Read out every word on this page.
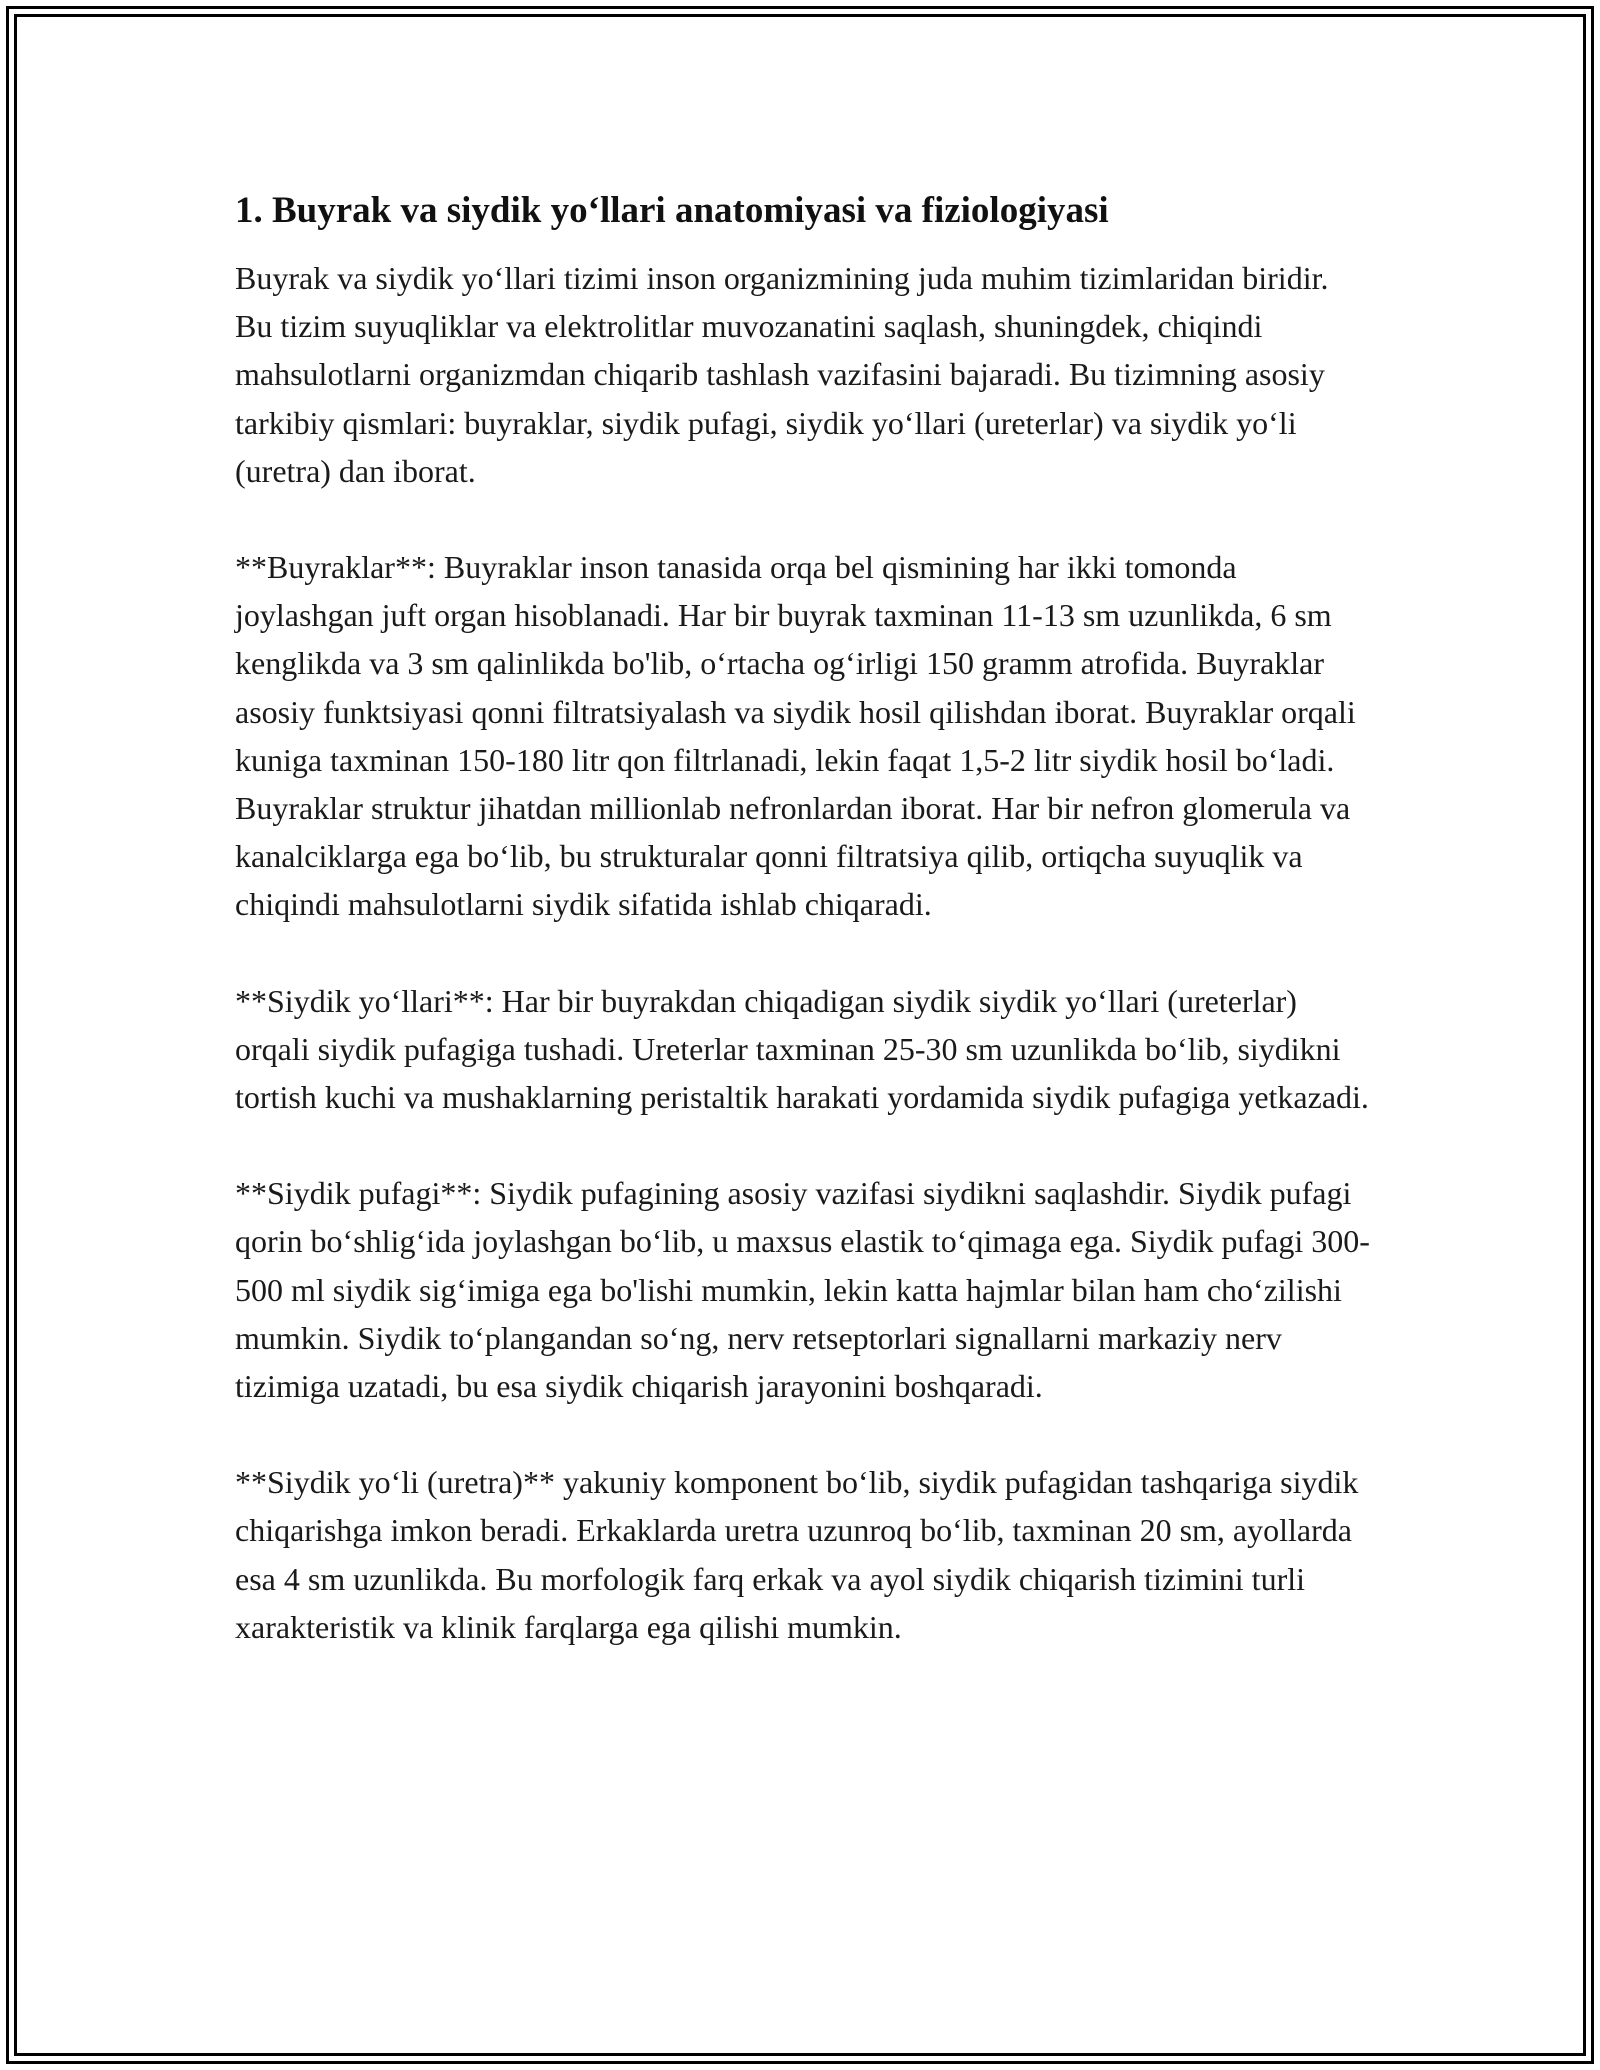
1. Buyrak va siydik yo‘llari anatomiyasi va fiziologiyasi

Buyrak va siydik yo‘llari tizimi inson organizmining juda muhim tizimlaridan biridir. Bu tizim suyuqliklar va elektrolitlar muvozanatini saqlash, shuningdek, chiqindi mahsulotlarni organizmdan chiqarib tashlash vazifasini bajaradi. Bu tizimning asosiy tarkibiy qismlari: buyraklar, siydik pufagi, siydik yo‘llari (ureterlar) va siydik yo‘li (uretra) dan iborat.

**Buyraklar**: Buyraklar inson tanasida orqa bel qismining har ikki tomonda joylashgan juft organ hisoblanadi. Har bir buyrak taxminan 11-13 sm uzunlikda, 6 sm kenglikda va 3 sm qalinlikda bo'lib, o‘rtacha og‘irligi 150 gramm atrofida. Buyraklar asosiy funktsiyasi qonni filtratsiyalash va siydik hosil qilishdan iborat. Buyraklar orqali kuniga taxminan 150-180 litr qon filtrlanadi, lekin faqat 1,5-2 litr siydik hosil bo‘ladi. Buyraklar struktur jihatdan millionlab nefronlardan iborat. Har bir nefron glomerula va kanalciklarga ega bo‘lib, bu strukturalar qonni filtratsiya qilib, ortiqcha suyuqlik va chiqindi mahsulotlarni siydik sifatida ishlab chiqaradi.

**Siydik yo‘llari**: Har bir buyrakdan chiqadigan siydik siydik yo‘llari (ureterlar) orqali siydik pufagiga tushadi. Ureterlar taxminan 25-30 sm uzunlikda bo‘lib, siydikni tortish kuchi va mushaklarning peristaltik harakati yordamida siydik pufagiga yetkazadi.

**Siydik pufagi**: Siydik pufagining asosiy vazifasi siydikni saqlashdir. Siydik pufagi qorin bo‘shlig‘ida joylashgan bo‘lib, u maxsus elastik to‘qimaga ega. Siydik pufagi 300-500 ml siydik sig‘imiga ega bo'lishi mumkin, lekin katta hajmlar bilan ham cho‘zilishi mumkin. Siydik to‘plangandan so‘ng, nerv retseptorlari signallarni markaziy nerv tizimiga uzatadi, bu esa siydik chiqarish jarayonini boshqaradi.

**Siydik yo‘li (uretra)** yakuniy komponent bo‘lib, siydik pufagidan tashqariga siydik chiqarishga imkon beradi. Erkaklarda uretra uzunroq bo‘lib, taxminan 20 sm, ayollarda esa 4 sm uzunlikda. Bu morfologik farq erkak va ayol siydik chiqarish tizimini turli xarakteristik va klinik farqlarga ega qilishi mumkin.
